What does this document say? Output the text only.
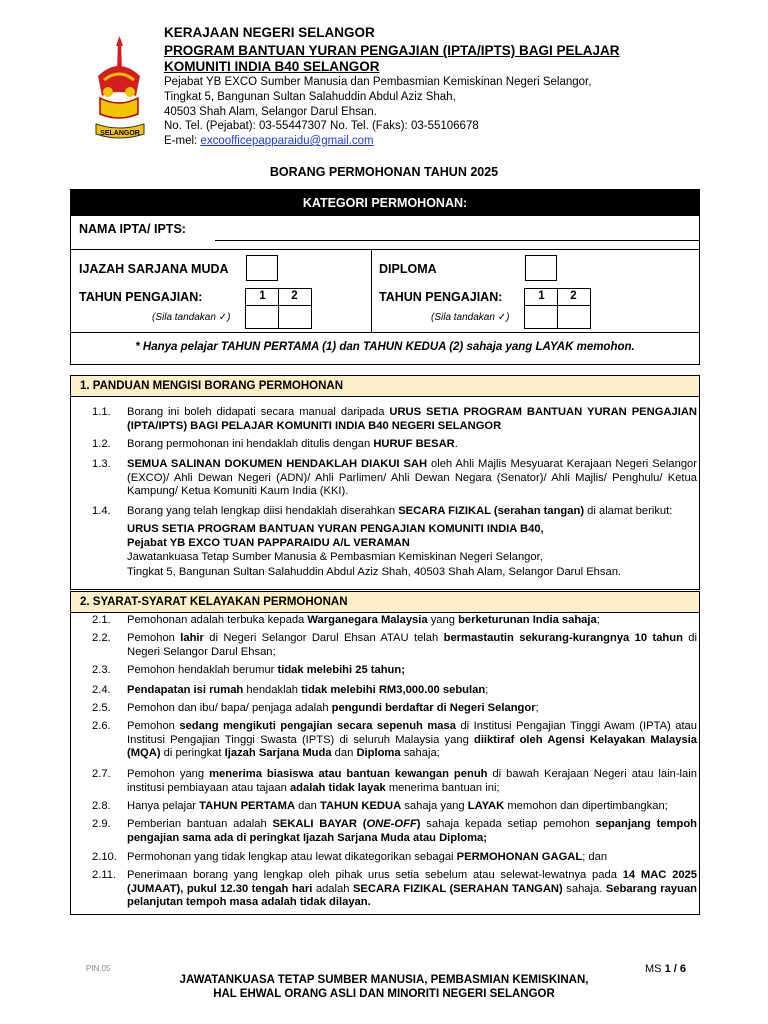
SELANGOR
KERAJAAN NEGERI SELANGOR
PROGRAM BANTUAN YURAN PENGAJIAN (IPTA/IPTS) BAGI PELAJAR
KOMUNITI INDIA B40 SELANGOR
Pejabat YB EXCO Sumber Manusia dan Pembasmian Kemiskinan Negeri Selangor,
Tingkat 5, Bangunan Sultan Salahuddin Abdul Aziz Shah,
40503 Shah Alam, Selangor Darul Ehsan.
No. Tel. (Pejabat): 03-55447307 No. Tel. (Faks): 03-55106678
E-mel: excoofficepapparaidu@gmail.com
BORANG PERMOHONAN TAHUN 2025
KATEGORI PERMOHONAN:
NAMA IPTA/ IPTS:
IJAZAH SARJANA MUDA
TAHUN PENGAJIAN:	1	2
(Sila tandakan ✓)
DIPLOMA
TAHUN PENGAJIAN:	1	2
(Sila tandakan ✓)
* Hanya pelajar TAHUN PERTAMA (1) dan TAHUN KEDUA (2) sahaja yang LAYAK memohon.
1. PANDUAN MENGISI BORANG PERMOHONAN
1.1. Borang ini boleh didapati secara manual daripada URUS SETIA PROGRAM BANTUAN YURAN PENGAJIAN (IPTA/IPTS) BAGI PELAJAR KOMUNITI INDIA B40 NEGERI SELANGOR
1.2. Borang permohonan ini hendaklah ditulis dengan HURUF BESAR.
1.3. SEMUA SALINAN DOKUMEN HENDAKLAH DIAKUI SAH oleh Ahli Majlis Mesyuarat Kerajaan Negeri Selangor (EXCO)/ Ahli Dewan Negeri (ADN)/ Ahli Parlimen/ Ahli Dewan Negara (Senator)/ Ahli Majlis/ Penghulu/ Ketua Kampung/ Ketua Komuniti Kaum India (KKI).
1.4. Borang yang telah lengkap diisi hendaklah diserahkan SECARA FIZIKAL (serahan tangan) di alamat berikut:
URUS SETIA PROGRAM BANTUAN YURAN PENGAJIAN KOMUNITI INDIA B40,
Pejabat YB EXCO TUAN PAPPARAIDU A/L VERAMAN
Jawatankuasa Tetap Sumber Manusia & Pembasmian Kemiskinan Negeri Selangor,
Tingkat 5, Bangunan Sultan Salahuddin Abdul Aziz Shah, 40503 Shah Alam, Selangor Darul Ehsan.
2. SYARAT-SYARAT KELAYAKAN PERMOHONAN
2.1. Pemohonan adalah terbuka kepada Warganegara Malaysia yang berketurunan India sahaja;
2.2. Pemohon lahir di Negeri Selangor Darul Ehsan ATAU telah bermastautin sekurang-kurangnya 10 tahun di Negeri Selangor Darul Ehsan;
2.3. Pemohon hendaklah berumur tidak melebihi 25 tahun;
2.4. Pendapatan isi rumah hendaklah tidak melebihi RM3,000.00 sebulan;
2.5. Pemohon dan ibu/ bapa/ penjaga adalah pengundi berdaftar di Negeri Selangor;
2.6. Pemohon sedang mengikuti pengajian secara sepenuh masa di Institusi Pengajian Tinggi Awam (IPTA) atau Institusi Pengajian Tinggi Swasta (IPTS) di seluruh Malaysia yang diiktiraf oleh Agensi Kelayakan Malaysia (MQA) di peringkat Ijazah Sarjana Muda dan Diploma sahaja;
2.7. Pemohon yang menerima biasiswa atau bantuan kewangan penuh di bawah Kerajaan Negeri atau lain-lain institusi pembiayaan atau tajaan adalah tidak layak menerima bantuan ini;
2.8. Hanya pelajar TAHUN PERTAMA dan TAHUN KEDUA sahaja yang LAYAK memohon dan dipertimbangkan;
2.9. Pemberian bantuan adalah SEKALI BAYAR (ONE-OFF) sahaja kepada setiap pemohon sepanjang tempoh pengajian sama ada di peringkat Ijazah Sarjana Muda atau Diploma;
2.10. Permohonan yang tidak lengkap atau lewat dikategorikan sebagai PERMOHONAN GAGAL; dan
2.11. Penerimaan borang yang lengkap oleh pihak urus setia sebelum atau selewat-lewatnya pada 14 MAC 2025 (JUMAAT), pukul 12.30 tengah hari adalah SECARA FIZIKAL (SERAHAN TANGAN) sahaja. Sebarang rayuan pelanjutan tempoh masa adalah tidak dilayan.
PIN.05	MS 1 / 6
JAWATANKUASA TETAP SUMBER MANUSIA, PEMBASMIAN KEMISKINAN,
HAL EHWAL ORANG ASLI DAN MINORITI NEGERI SELANGOR
